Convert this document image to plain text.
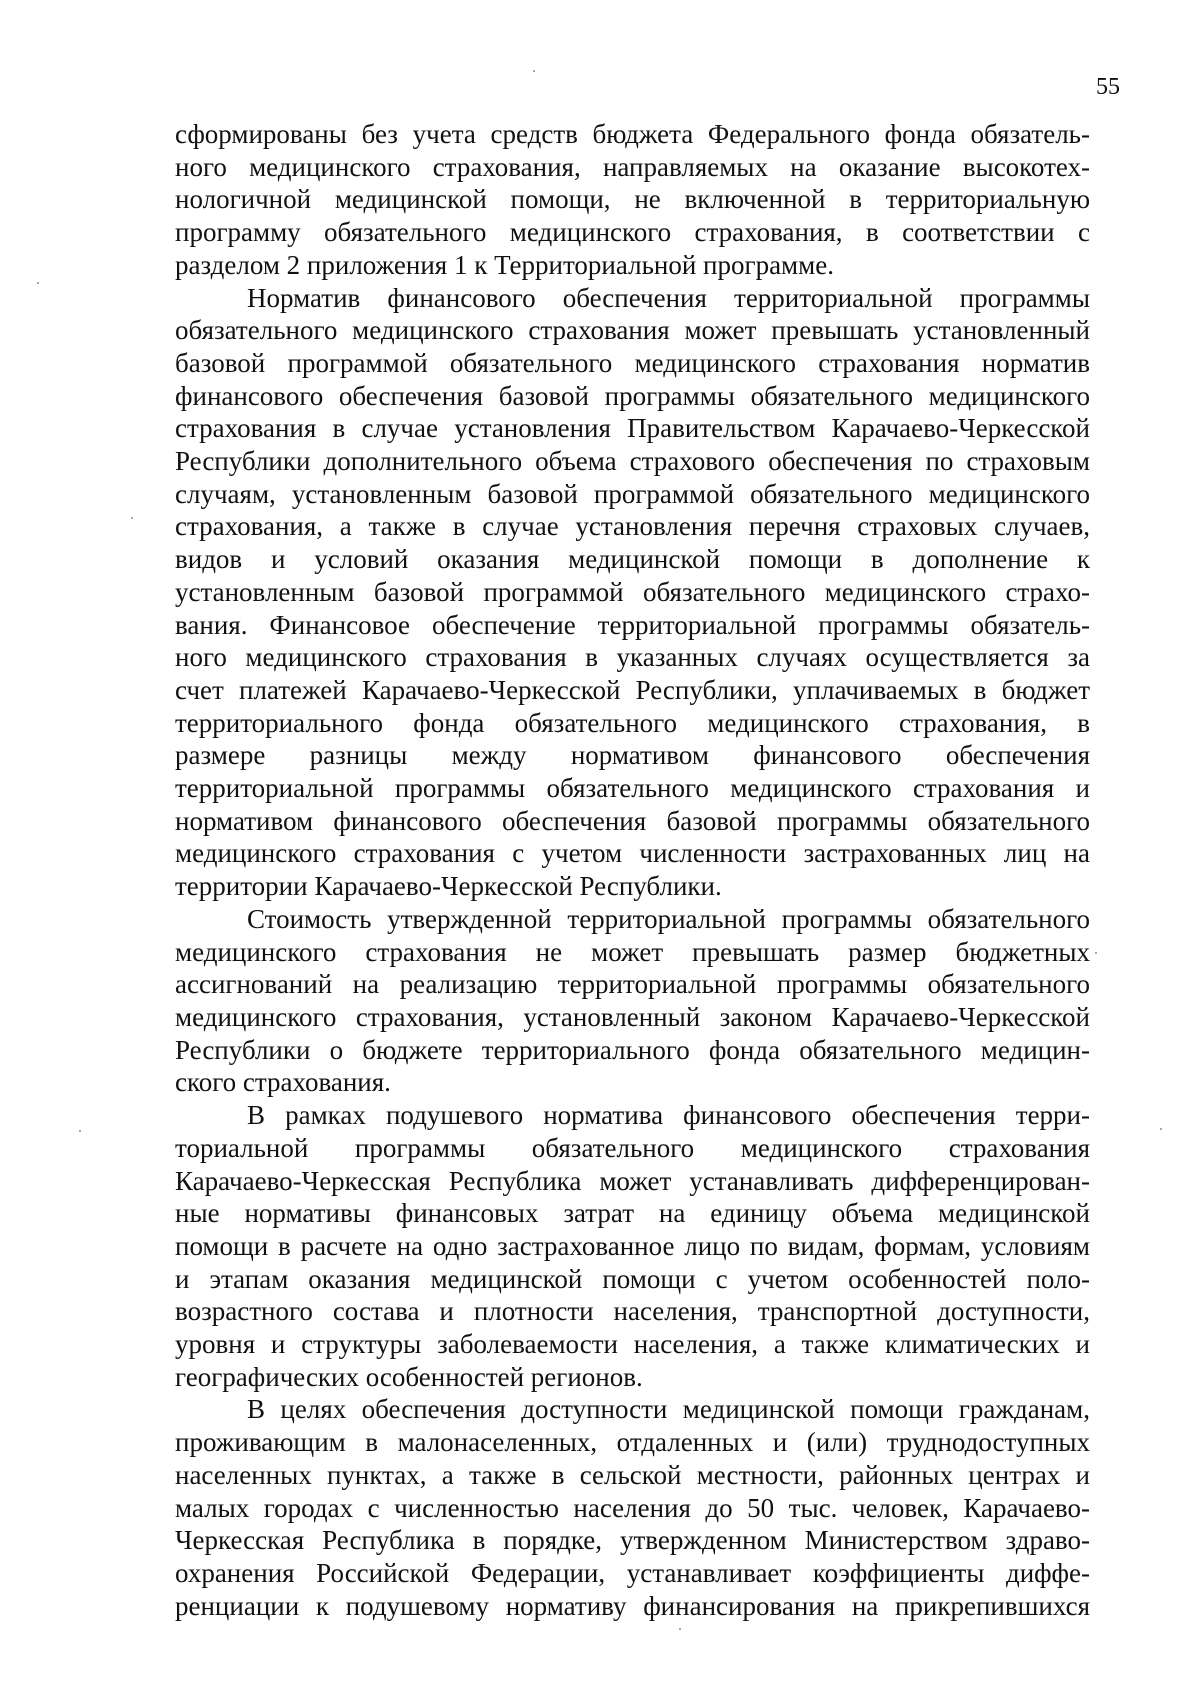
55

сформированы без учета средств бюджета Федерального фонда обязатель-
ного медицинского страхования, направляемых на оказание высокотех-
нологичной медицинской помощи, не включенной в территориальную
программу обязательного медицинского страхования, в соответствии с
разделом 2 приложения 1 к Территориальной программе.

Норматив финансового обеспечения территориальной программы
обязательного медицинского страхования может превышать установленный
базовой программой обязательного медицинского страхования норматив
финансового обеспечения базовой программы обязательного медицинского
страхования в случае установления Правительством Карачаево-Черкесской
Республики дополнительного объема страхового обеспечения по страховым
случаям, установленным базовой программой обязательного медицинского
страхования, а также в случае установления перечня страховых случаев,
видов и условий оказания медицинской помощи в дополнение к
установленным базовой программой обязательного медицинского страхо-
вания. Финансовое обеспечение территориальной программы обязатель-
ного медицинского страхования в указанных случаях осуществляется за
счет платежей Карачаево-Черкесской Республики, уплачиваемых в бюджет
территориального фонда обязательного медицинского страхования, в
размере разницы между нормативом финансового обеспечения
территориальной программы обязательного медицинского страхования и
нормативом финансового обеспечения базовой программы обязательного
медицинского страхования с учетом численности застрахованных лиц на
территории Карачаево-Черкесской Республики.

Стоимость утвержденной территориальной программы обязательного
медицинского страхования не может превышать размер бюджетных
ассигнований на реализацию территориальной программы обязательного
медицинского страхования, установленный законом Карачаево-Черкесской
Республики о бюджете территориального фонда обязательного медицин-
ского страхования.

В рамках подушевого норматива финансового обеспечения терри-
ториальной программы обязательного медицинского страхования
Карачаево-Черкесская Республика может устанавливать дифференцирован-
ные нормативы финансовых затрат на единицу объема медицинской
помощи в расчете на одно застрахованное лицо по видам, формам, условиям
и этапам оказания медицинской помощи с учетом особенностей поло-
возрастного состава и плотности населения, транспортной доступности,
уровня и структуры заболеваемости населения, а также климатических и
географических особенностей регионов.

В целях обеспечения доступности медицинской помощи гражданам,
проживающим в малонаселенных, отдаленных и (или) труднодоступных
населенных пунктах, а также в сельской местности, районных центрах и
малых городах с численностью населения до 50 тыс. человек, Карачаево-
Черкесская Республика в порядке, утвержденном Министерством здраво-
охранения Российской Федерации, устанавливает коэффициенты диффе-
ренциации к подушевому нормативу финансирования на прикрепившихся
